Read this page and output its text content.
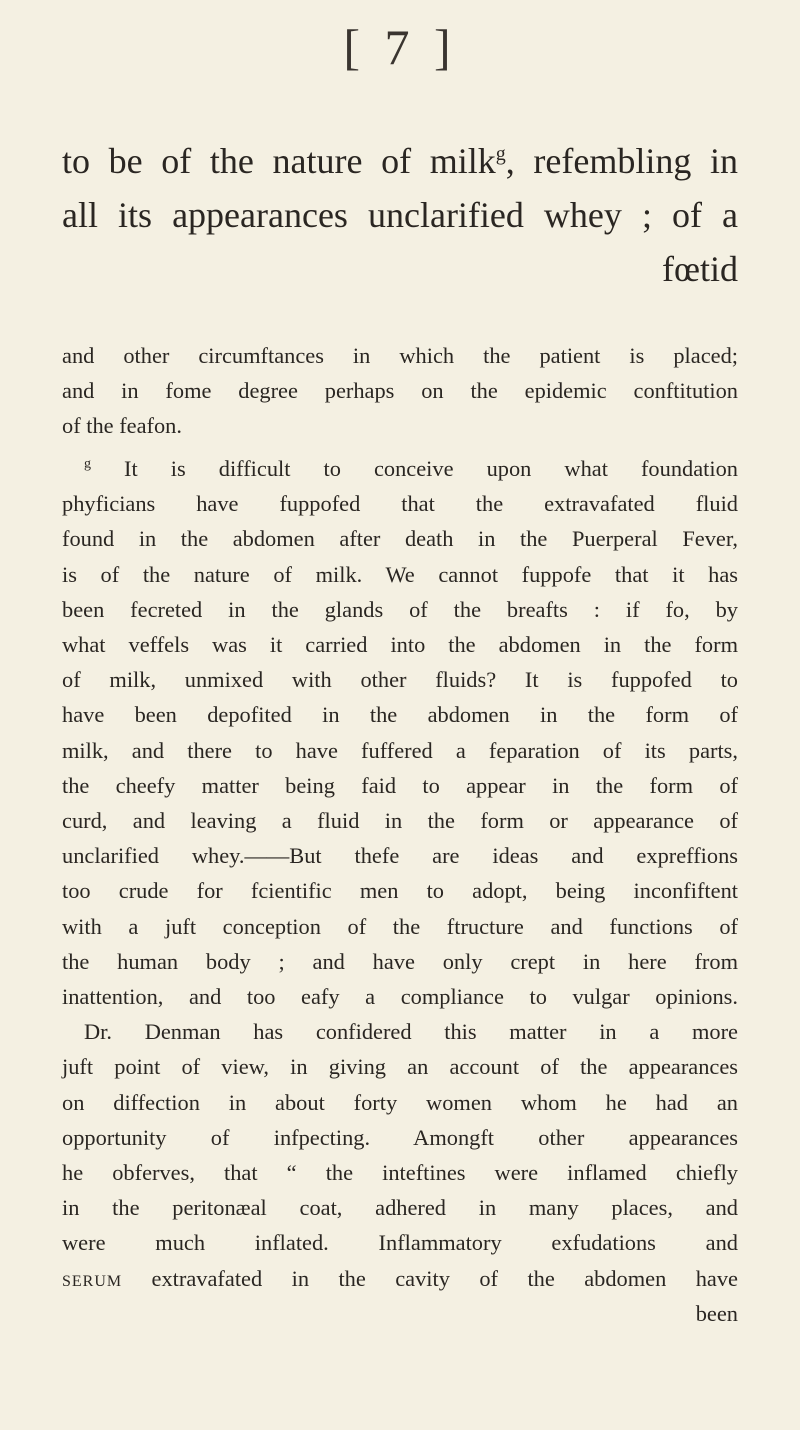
[ 7 ]
to be of the nature of milk$^g$, refembling in
all its appearances unclarified whey ; of a
fœtid
and other circumftances in which the patient is placed;
and in fome degree perhaps on the epidemic conftitution
of the feafon.
$^g$ It is difficult to conceive upon what foundation
phyficians have fuppofed that the extravafated fluid
found in the abdomen after death in the Puerperal Fever,
is of the nature of milk. We cannot fuppofe that it has
been fecreted in the glands of the breafts : if fo, by
what veffels was it carried into the abdomen in the form
of milk, unmixed with other fluids? It is fuppofed to
have been depofited in the abdomen in the form of
milk, and there to have fuffered a feparation of its parts,
the cheefy matter being faid to appear in the form of
curd, and leaving a fluid in the form or appearance of
unclarified whey.——But thefe are ideas and expreffions
too crude for fcientific men to adopt, being inconfiftent
with a juft conception of the ftructure and functions of
the human body ; and have only crept in here from
inattention, and too eafy a compliance to vulgar opinions.
Dr. Denman has confidered this matter in a more
juft point of view, in giving an account of the appearances
on diffection in about forty women whom he had an
opportunity of infpecting. Amongft other appearances
he obferves, that “ the inteftines were inflamed chiefly
in the peritonæal coat, adhered in many places, and
were much inflated. Inflammatory exfudations and
serum extravafated in the cavity of the abdomen have
been
